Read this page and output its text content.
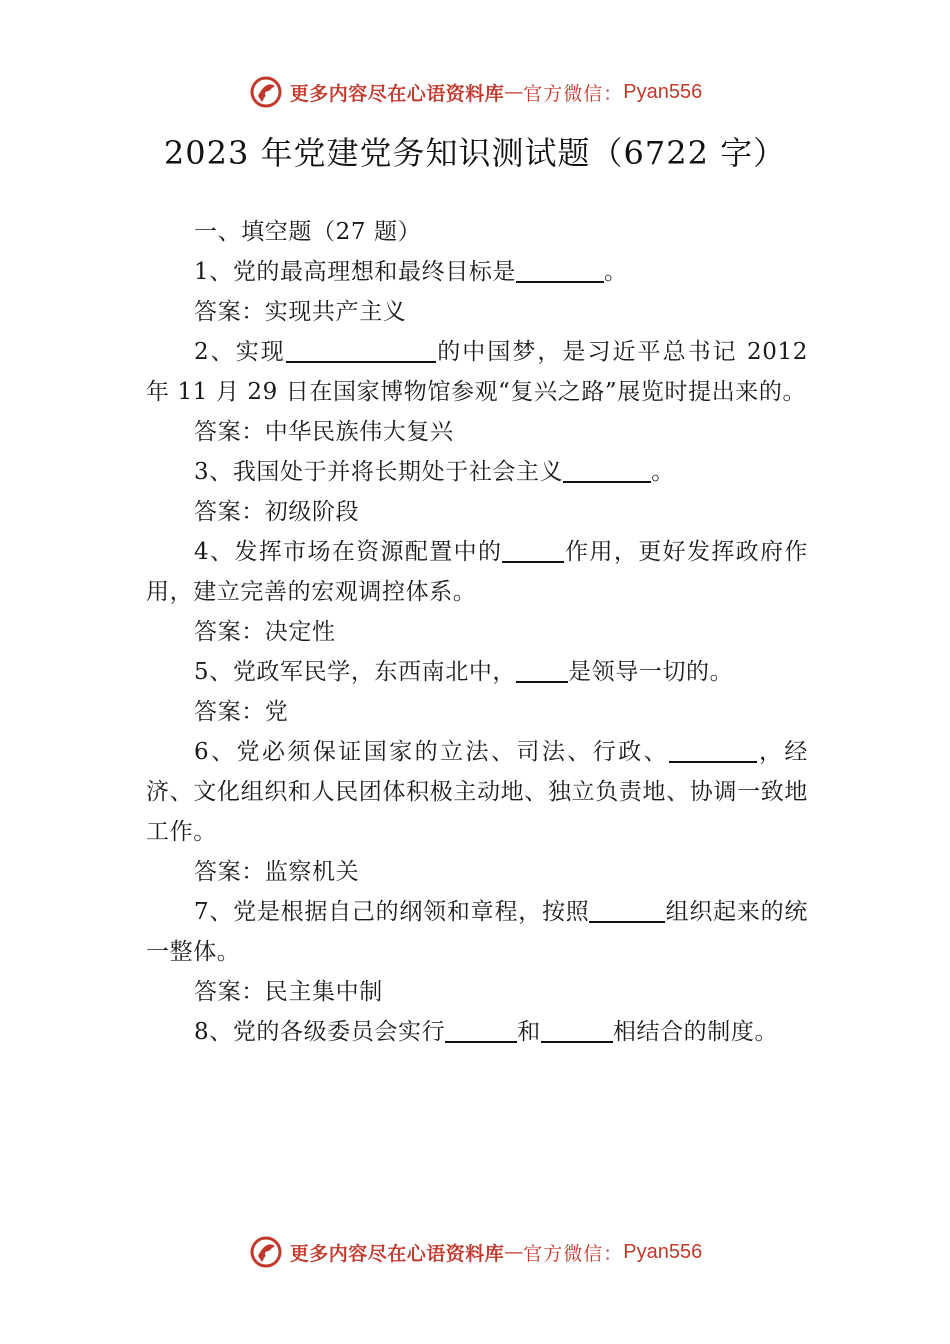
更多内容尽在心语资料库 — 官方微信： Pyan556
2023 年党建党务知识测试题（6722 字）

一、填空题（27 题）

1、党的最高理想和最终目标是	。

答案：实现共产主义

2、实现	的中国梦，是习近平总书记 2012 年 11 月 29 日在国家博物馆参观“复兴之路”展览时提出来的。

答案：中华民族伟大复兴

3、我国处于并将长期处于社会主义	。

答案：初级阶段

4、发挥市场在资源配置中的	作用，更好发挥政府作用，建立完善的宏观调控体系。

答案：决定性

5、党政军民学，东西南北中， 是领导一切的。

答案：党

6、党必须保证国家的立法、司法、行政、	，经济、文化组织和人民团体积极主动地、独立负责地、协调一致地工作。

答案：监察机关

7、党是根据自己的纲领和章程，按照	组织起来的统一整体。

答案：民主集中制

8、党的各级委员会实行	和	相结合的制度。

更多内容尽在心语资料库 — 官方微信： Pyan556
